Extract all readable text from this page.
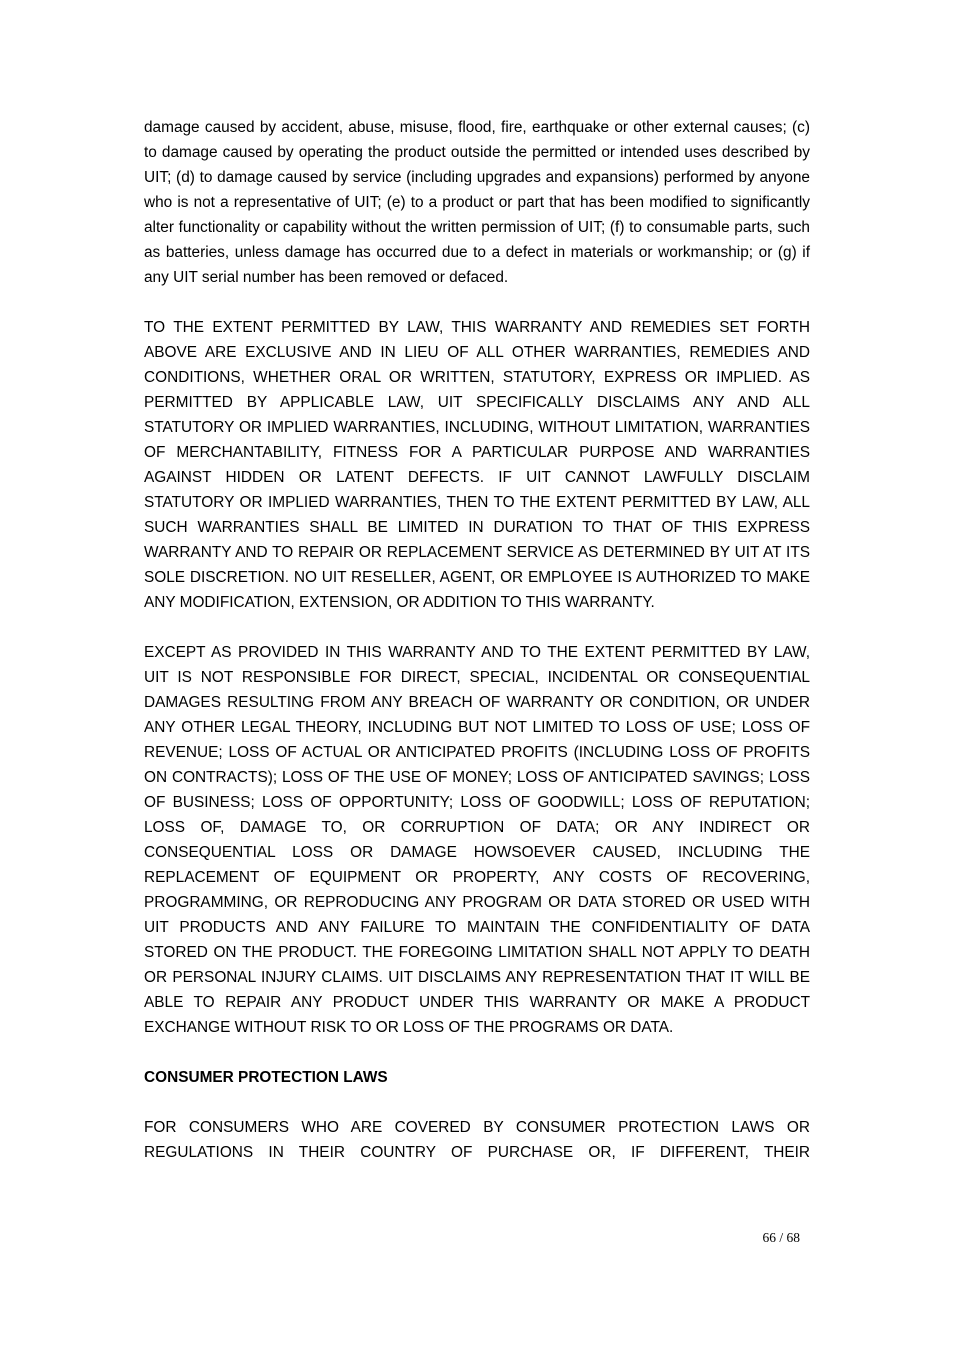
damage caused by accident, abuse, misuse, flood, fire, earthquake or other external causes; (c) to damage caused by operating the product outside the permitted or intended uses described by UIT; (d) to damage caused by service (including upgrades and expansions) performed by anyone who is not a representative of UIT; (e) to a product or part that has been modified to significantly alter functionality or capability without the written permission of UIT; (f) to consumable parts, such as batteries, unless damage has occurred due to a defect in materials or workmanship; or (g) if any UIT serial number has been removed or defaced.

TO THE EXTENT PERMITTED BY LAW, THIS WARRANTY AND REMEDIES SET FORTH ABOVE ARE EXCLUSIVE AND IN LIEU OF ALL OTHER WARRANTIES, REMEDIES AND CONDITIONS, WHETHER ORAL OR WRITTEN, STATUTORY, EXPRESS OR IMPLIED. AS PERMITTED BY APPLICABLE LAW, UIT SPECIFICALLY DISCLAIMS ANY AND ALL STATUTORY OR IMPLIED WARRANTIES, INCLUDING, WITHOUT LIMITATION, WARRANTIES OF MERCHANTABILITY, FITNESS FOR A PARTICULAR PURPOSE AND WARRANTIES AGAINST HIDDEN OR LATENT DEFECTS. IF UIT CANNOT LAWFULLY DISCLAIM STATUTORY OR IMPLIED WARRANTIES, THEN TO THE EXTENT PERMITTED BY LAW, ALL SUCH WARRANTIES SHALL BE LIMITED IN DURATION TO THAT OF THIS EXPRESS WARRANTY AND TO REPAIR OR REPLACEMENT SERVICE AS DETERMINED BY UIT AT ITS SOLE DISCRETION. NO UIT RESELLER, AGENT, OR EMPLOYEE IS AUTHORIZED TO MAKE ANY MODIFICATION, EXTENSION, OR ADDITION TO THIS WARRANTY.

EXCEPT AS PROVIDED IN THIS WARRANTY AND TO THE EXTENT PERMITTED BY LAW, UIT IS NOT RESPONSIBLE FOR DIRECT, SPECIAL, INCIDENTAL OR CONSEQUENTIAL DAMAGES RESULTING FROM ANY BREACH OF WARRANTY OR CONDITION, OR UNDER ANY OTHER LEGAL THEORY, INCLUDING BUT NOT LIMITED TO LOSS OF USE; LOSS OF REVENUE; LOSS OF ACTUAL OR ANTICIPATED PROFITS (INCLUDING LOSS OF PROFITS ON CONTRACTS); LOSS OF THE USE OF MONEY; LOSS OF ANTICIPATED SAVINGS; LOSS OF BUSINESS; LOSS OF OPPORTUNITY; LOSS OF GOODWILL; LOSS OF REPUTATION; LOSS OF, DAMAGE TO, OR CORRUPTION OF DATA; OR ANY INDIRECT OR CONSEQUENTIAL LOSS OR DAMAGE HOWSOEVER CAUSED, INCLUDING THE REPLACEMENT OF EQUIPMENT OR PROPERTY, ANY COSTS OF RECOVERING, PROGRAMMING, OR REPRODUCING ANY PROGRAM OR DATA STORED OR USED WITH UIT PRODUCTS AND ANY FAILURE TO MAINTAIN THE CONFIDENTIALITY OF DATA STORED ON THE PRODUCT. THE FOREGOING LIMITATION SHALL NOT APPLY TO DEATH OR PERSONAL INJURY CLAIMS. UIT DISCLAIMS ANY REPRESENTATION THAT IT WILL BE ABLE TO REPAIR ANY PRODUCT UNDER THIS WARRANTY OR MAKE A PRODUCT EXCHANGE WITHOUT RISK TO OR LOSS OF THE PROGRAMS OR DATA.

CONSUMER PROTECTION LAWS

FOR CONSUMERS WHO ARE COVERED BY CONSUMER PROTECTION LAWS OR REGULATIONS IN THEIR COUNTRY OF PURCHASE OR, IF DIFFERENT, THEIR

66 / 68
